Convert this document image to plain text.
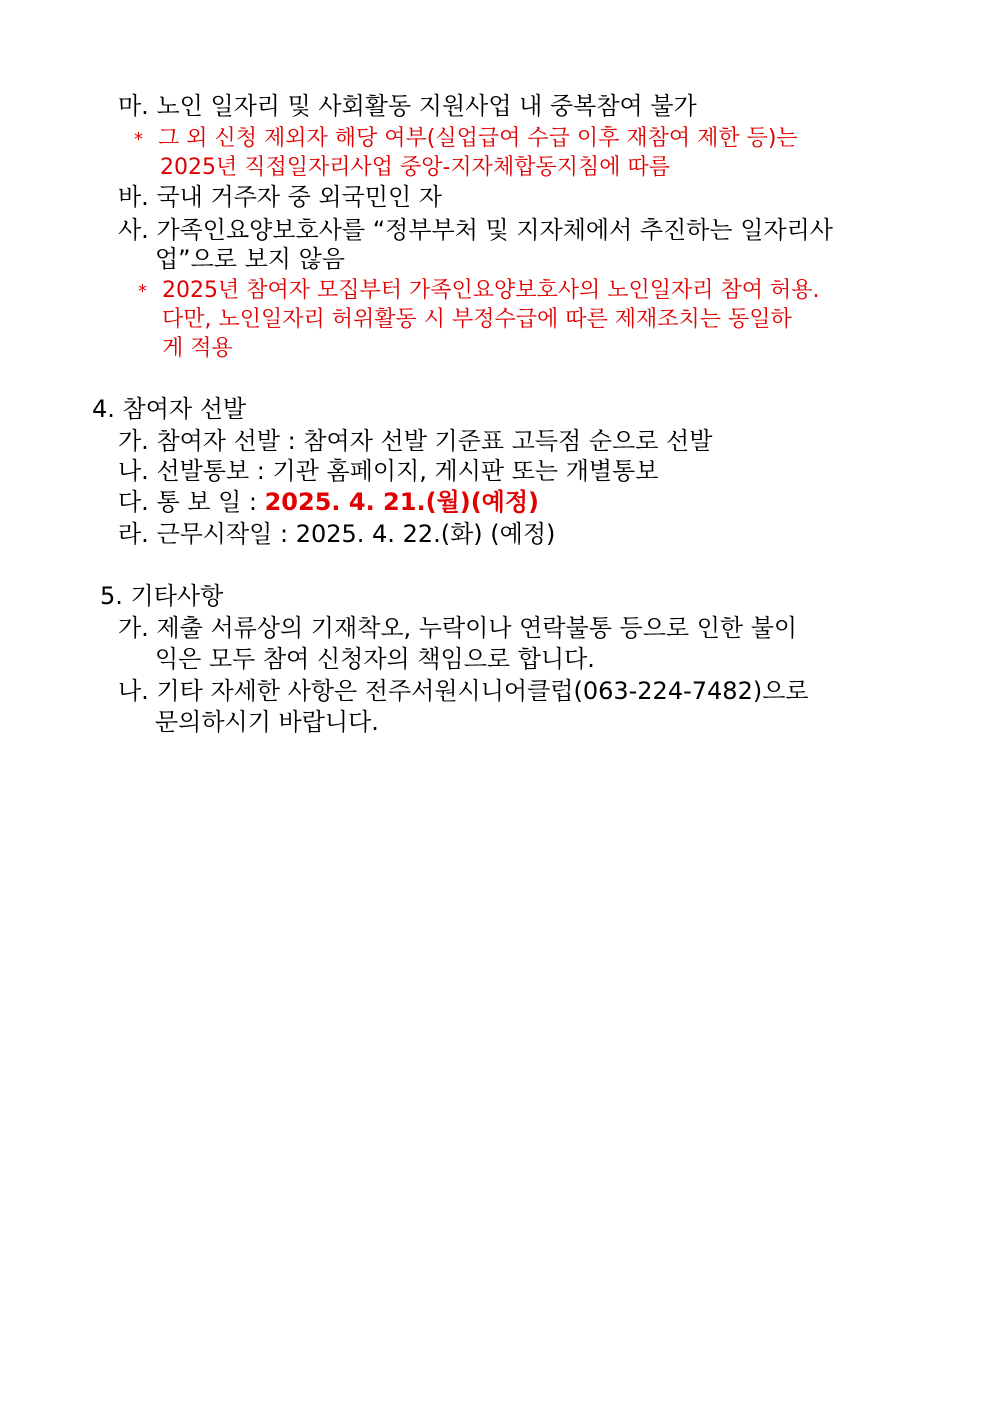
마. 노인 일자리 및 사회활동 지원사업 내 중복참여 불가
* 그 외 신청 제외자 해당 여부(실업급여 수급 이후 재참여 제한 등)는
2025년 직접일자리사업 중앙-지자체합동지침에 따름
바. 국내 거주자 중 외국민인 자
사. 가족인요양보호사를 “정부부처 및 지자체에서 추진하는 일자리사
업”으로 보지 않음
* 2025년 참여자 모집부터 가족인요양보호사의 노인일자리 참여 허용.
다만, 노인일자리 허위활동 시 부정수급에 따른 제재조치는 동일하
게 적용
4. 참여자 선발
가. 참여자 선발 : 참여자 선발 기준표 고득점 순으로 선발
나. 선발통보 : 기관 홈페이지, 게시판 또는 개별통보
다. 통 보 일 : 2025. 4. 21.(월)(예정)
라. 근무시작일 : 2025. 4. 22.(화) (예정)
5. 기타사항
가. 제출 서류상의 기재착오, 누락이나 연락불통 등으로 인한 불이
익은 모두 참여 신청자의 책임으로 합니다.
나. 기타 자세한 사항은 전주서원시니어클럽(063-224-7482)으로
문의하시기 바랍니다.
